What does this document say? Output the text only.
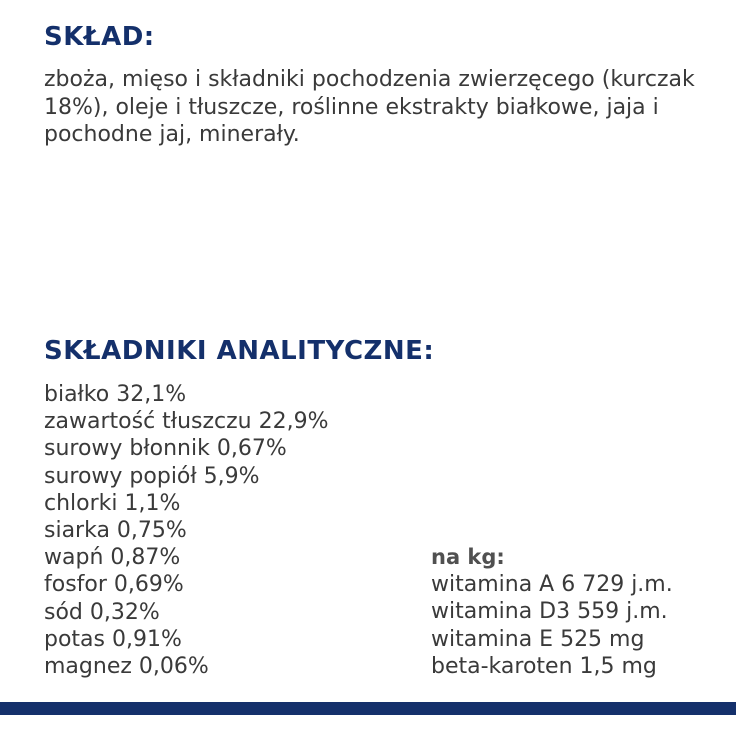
SKŁAD:

zboża, mięso i składniki pochodzenia zwierzęcego (kurczak 18%), oleje i tłuszcze, roślinne ekstrakty białkowe, jaja i pochodne jaj, minerały.

SKŁADNIKI ANALITYCZNE:
białko 32,1%
zawartość tłuszczu 22,9%
surowy błonnik 0,67%
surowy popiół 5,9%
chlorki 1,1%
siarka 0,75%
wapń 0,87%
fosfor 0,69%
sód 0,32%
potas 0,91%
magnez 0,06%
na kg:
witamina A 6 729 j.m.
witamina D3 559 j.m.
witamina E 525 mg
beta-karoten 1,5 mg
